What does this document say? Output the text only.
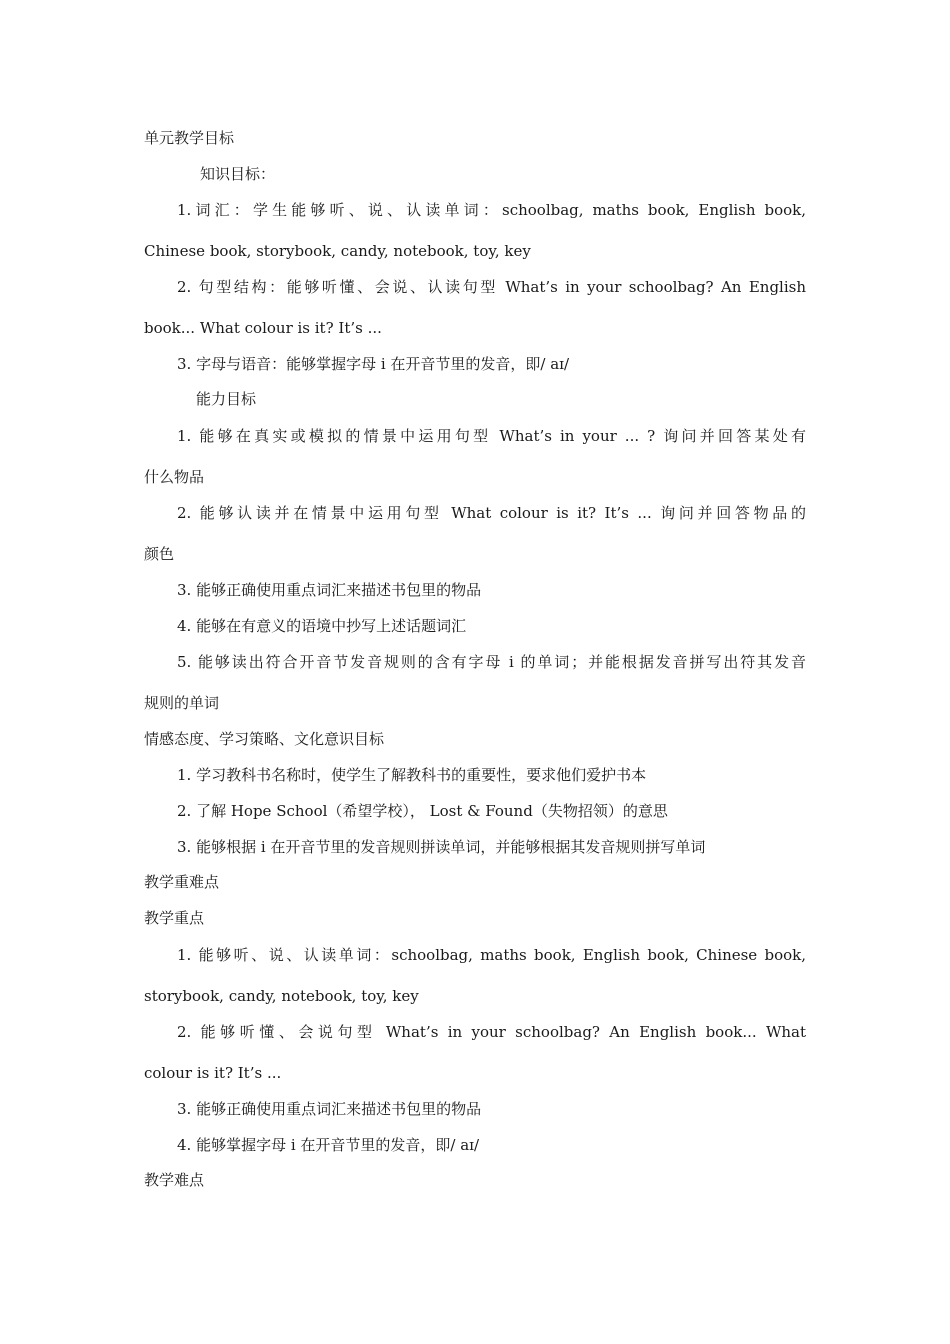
单元教学目标
知识目标：
1.词汇：学生能够听、说、认读单词：schoolbag, maths book, English book,
Chinese book, storybook, candy, notebook, toy, key
2. 句型结构：能够听懂、会说、认读句型 What’s in your schoolbag? An English
book... What colour is it? It’s ...
3. 字母与语音：能够掌握字母 i 在开音节里的发音，即/ aɪ/
能力目标
1. 能够在真实或模拟的情景中运用句型 What’s in your ... ? 询问并回答某处有
什么物品
2. 能够认读并在情景中运用句型 What colour is it? It’s ... 询问并回答物品的
颜色
3. 能够正确使用重点词汇来描述书包里的物品
4. 能够在有意义的语境中抄写上述话题词汇
5. 能够读出符合开音节发音规则的含有字母 i 的单词；并能根据发音拼写出符其发音
规则的单词
情感态度、学习策略、文化意识目标
1. 学习教科书名称时，使学生了解教科书的重要性，要求他们爱护书本
2. 了解 Hope School（希望学校）， Lost & Found（失物招领）的意思
3. 能够根据 i 在开音节里的发音规则拼读单词，并能够根据其发音规则拼写单词
教学重难点
教学重点
1. 能够听、说、认读单词：schoolbag, maths book, English book, Chinese book,
storybook, candy, notebook, toy, key
2. 能够听懂、会说句型 What’s in your schoolbag? An English book... What
colour is it? It’s ...
3. 能够正确使用重点词汇来描述书包里的物品
4. 能够掌握字母 i 在开音节里的发音，即/ aɪ/
教学难点
